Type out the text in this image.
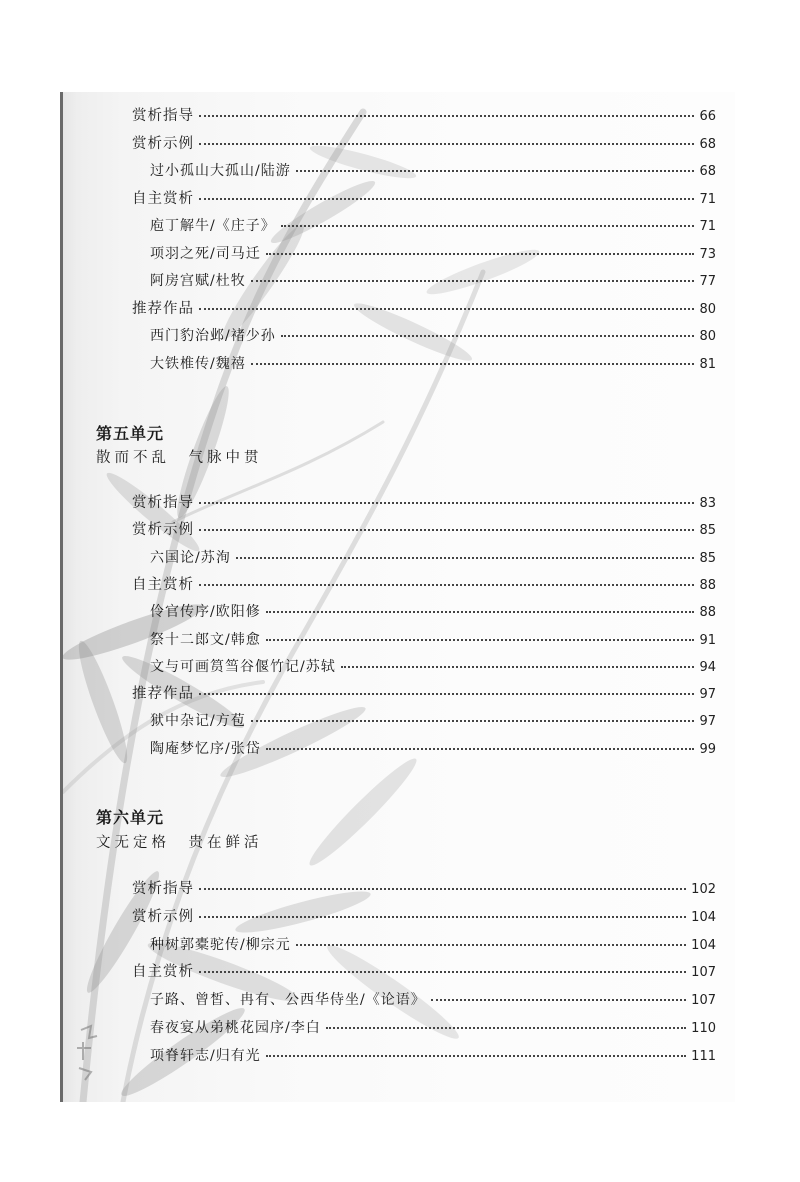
赏析指导	66
赏析示例	68
过小孤山大孤山/陆游	68
自主赏析	71
庖丁解牛/《庄子》	71
项羽之死/司马迁	73
阿房宫赋/杜牧	77
推荐作品	80
西门豹治邺/褚少孙	80
大铁椎传/魏禧	81
第五单元
散而不乱　气脉中贯
赏析指导	83
赏析示例	85
六国论/苏洵	85
自主赏析	88
伶官传序/欧阳修	88
祭十二郎文/韩愈	91
文与可画筼筜谷偃竹记/苏轼	94
推荐作品	97
狱中杂记/方苞	97
陶庵梦忆序/张岱	99
第六单元
文无定格　贵在鲜活
赏析指导	102
赏析示例	104
种树郭橐驼传/柳宗元	104
自主赏析	107
子路、曾皙、冉有、公西华侍坐/《论语》	107
春夜宴从弟桃花园序/李白	110
项脊轩志/归有光	111
